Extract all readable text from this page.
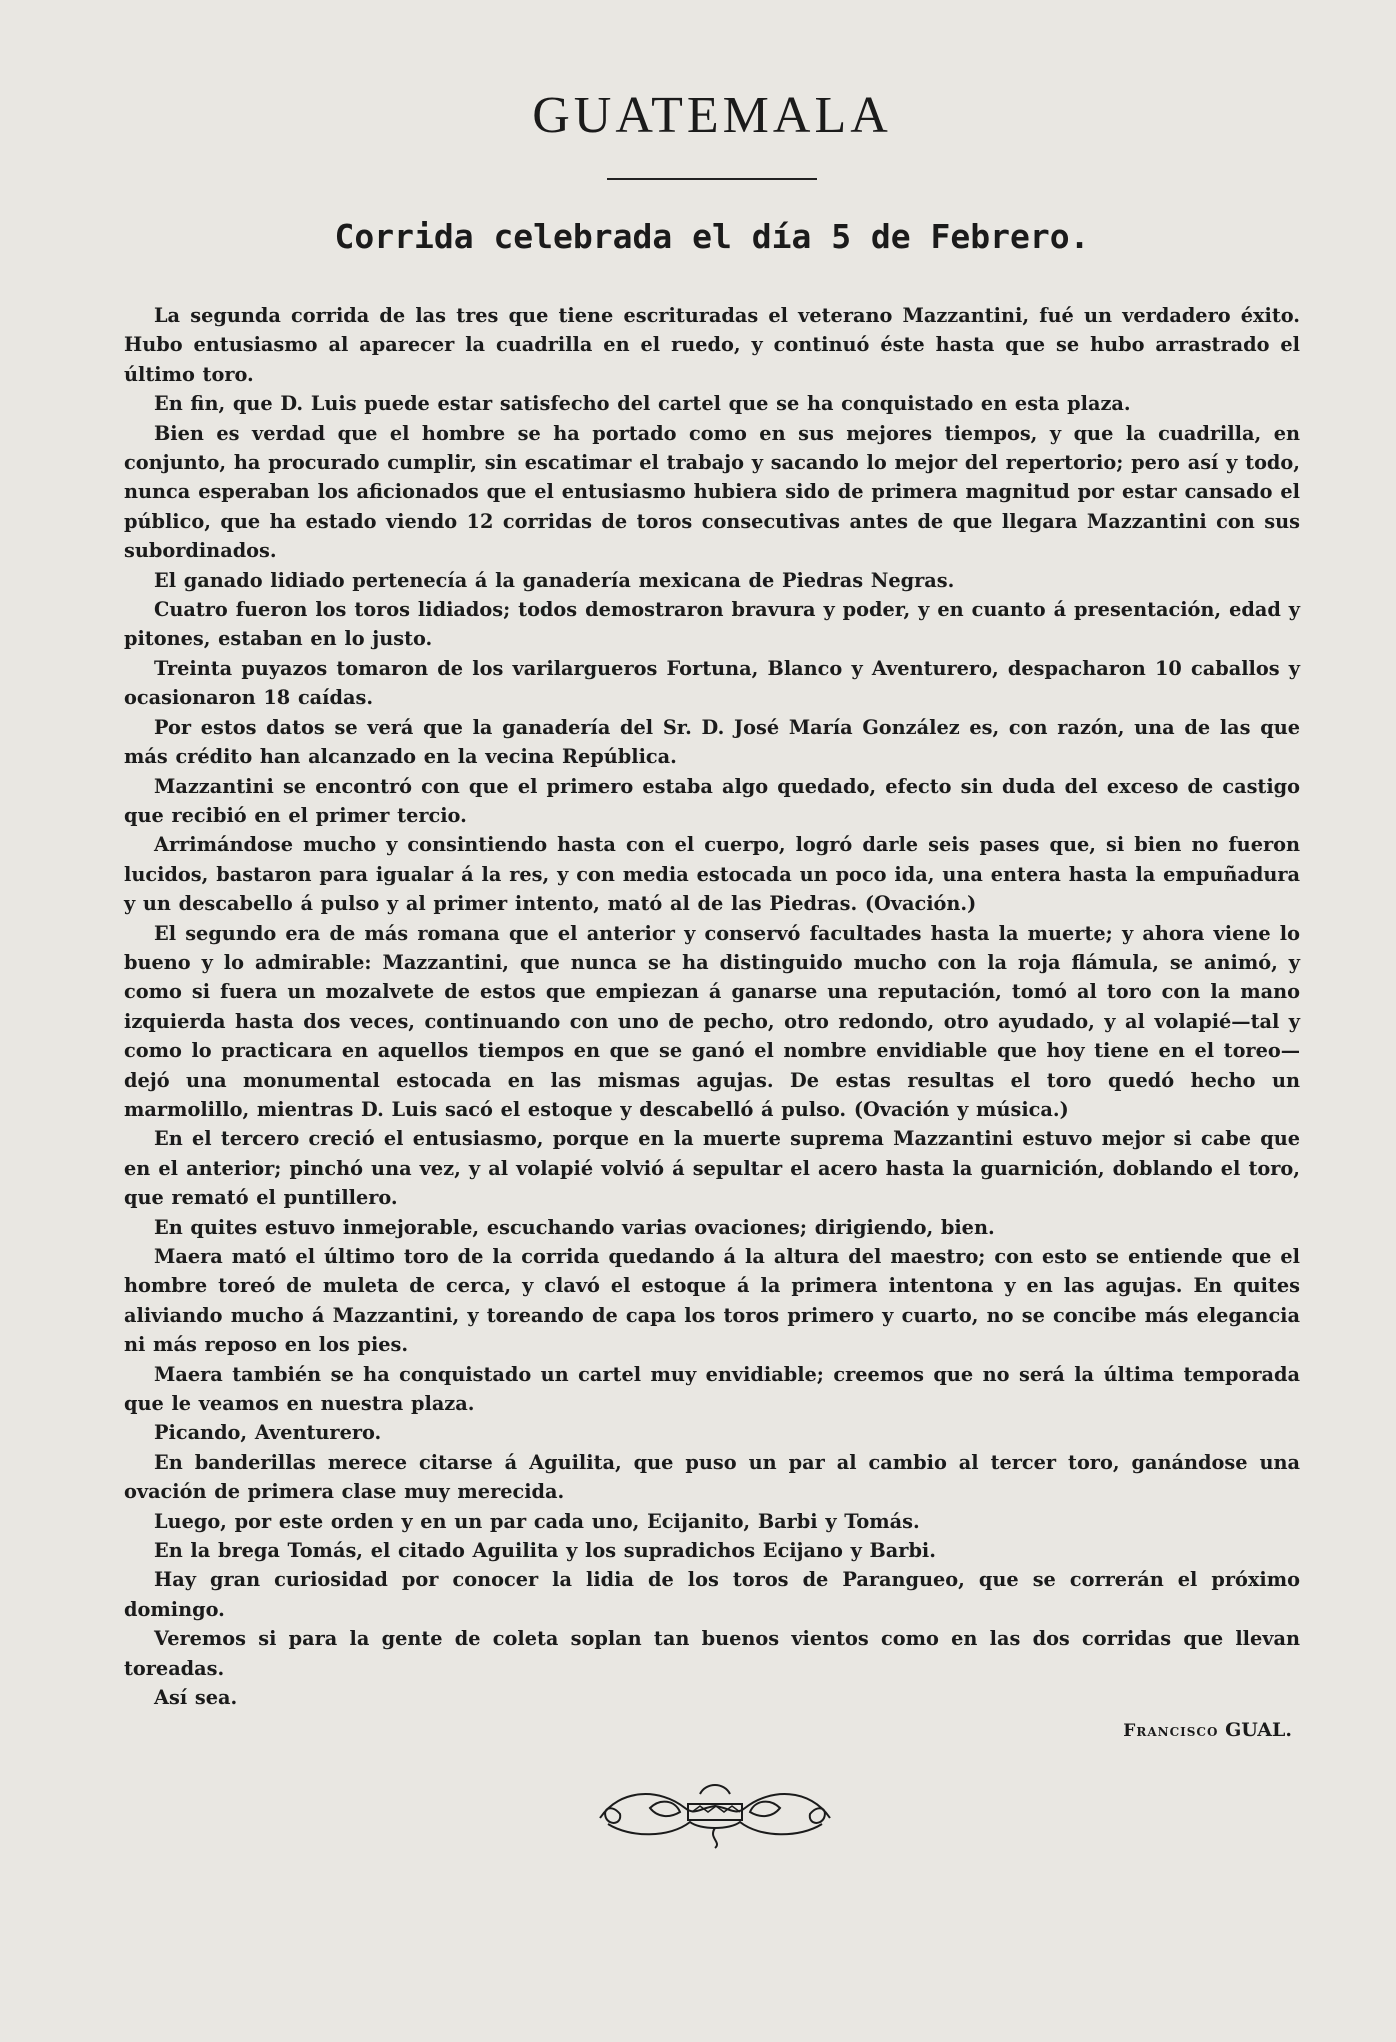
GUATEMALA
Corrida celebrada el día 5 de Febrero.

La segunda corrida de las tres que tiene escrituradas el veterano Mazzantini, fué un verdadero éxito. Hubo entusiasmo al aparecer la cuadrilla en el ruedo, y continuó éste hasta que se hubo arrastrado el último toro.

En fin, que D. Luis puede estar satisfecho del cartel que se ha conquistado en esta plaza.

Bien es verdad que el hombre se ha portado como en sus mejores tiempos, y que la cuadrilla, en conjunto, ha procurado cumplir, sin escatimar el trabajo y sacando lo mejor del repertorio; pero así y todo, nunca esperaban los aficionados que el entusiasmo hubiera sido de primera magnitud por estar cansado el público, que ha estado viendo 12 corridas de toros consecutivas antes de que llegara Mazzantini con sus subordinados.

El ganado lidiado pertenecía á la ganadería mexicana de Piedras Negras.

Cuatro fueron los toros lidiados; todos demostraron bravura y poder, y en cuanto á presentación, edad y pitones, estaban en lo justo.

Treinta puyazos tomaron de los varilargueros Fortuna, Blanco y Aventurero, despacharon 10 caballos y ocasionaron 18 caídas.

Por estos datos se verá que la ganadería del Sr. D. José María González es, con razón, una de las que más crédito han alcanzado en la vecina República.

Mazzantini se encontró con que el primero estaba algo quedado, efecto sin duda del exceso de castigo que recibió en el primer tercio.

Arrimándose mucho y consintiendo hasta con el cuerpo, logró darle seis pases que, si bien no fueron lucidos, bastaron para igualar á la res, y con media estocada un poco ida, una entera hasta la empuñadura y un descabello á pulso y al primer intento, mató al de las Piedras. (Ovación.)

El segundo era de más romana que el anterior y conservó facultades hasta la muerte; y ahora viene lo bueno y lo admirable: Mazzantini, que nunca se ha distinguido mucho con la roja flámula, se animó, y como si fuera un mozalvete de estos que empiezan á ganarse una reputación, tomó al toro con la mano izquierda hasta dos veces, continuando con uno de pecho, otro redondo, otro ayudado, y al volapié—tal y como lo practicara en aquellos tiempos en que se ganó el nombre envidiable que hoy tiene en el toreo—dejó una monumental estocada en las mismas agujas. De estas resultas el toro quedó hecho un marmolillo, mientras D. Luis sacó el estoque y descabelló á pulso. (Ovación y música.)

En el tercero creció el entusiasmo, porque en la muerte suprema Mazzantini estuvo mejor si cabe que en el anterior; pinchó una vez, y al volapié volvió á sepultar el acero hasta la guarnición, doblando el toro, que remató el puntillero.

En quites estuvo inmejorable, escuchando varias ovaciones; dirigiendo, bien.

Maera mató el último toro de la corrida quedando á la altura del maestro; con esto se entiende que el hombre toreó de muleta de cerca, y clavó el estoque á la primera intentona y en las agujas. En quites aliviando mucho á Mazzantini, y toreando de capa los toros primero y cuarto, no se concibe más elegancia ni más reposo en los pies.

Maera también se ha conquistado un cartel muy envidiable; creemos que no será la última temporada que le veamos en nuestra plaza.

Picando, Aventurero.

En banderillas merece citarse á Aguilita, que puso un par al cambio al tercer toro, ganándose una ovación de primera clase muy merecida.

Luego, por este orden y en un par cada uno, Ecijanito, Barbi y Tomás.

En la brega Tomás, el citado Aguilita y los supradichos Ecijano y Barbi.

Hay gran curiosidad por conocer la lidia de los toros de Parangueo, que se correrán el próximo domingo.

Veremos si para la gente de coleta soplan tan buenos vientos como en las dos corridas que llevan toreadas.

Así sea.

Francisco GUAL.
